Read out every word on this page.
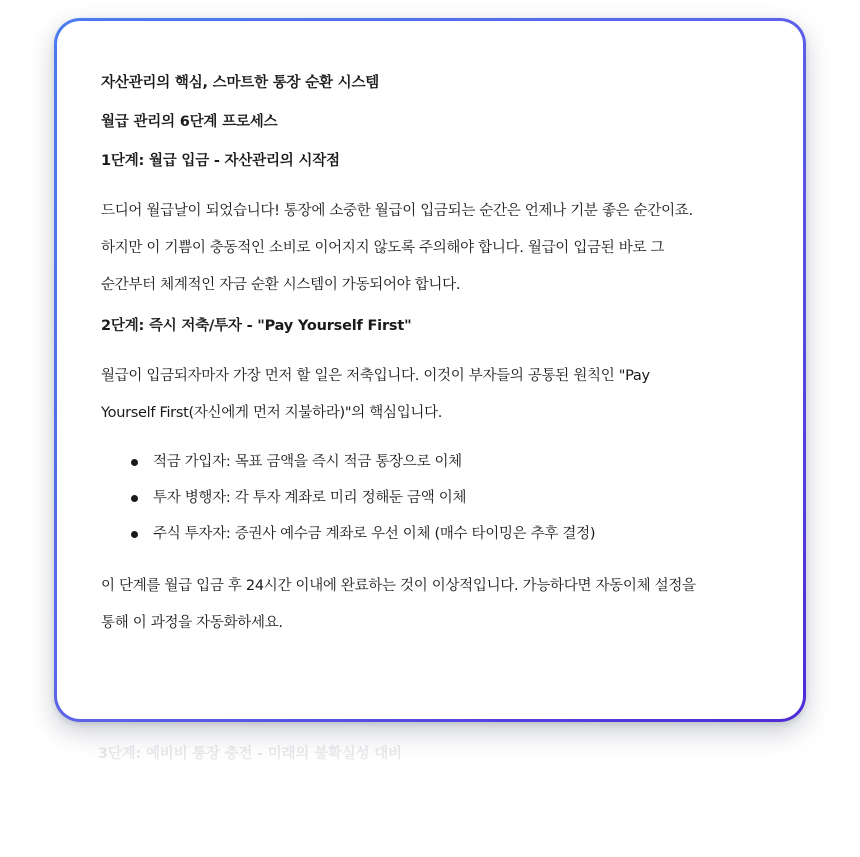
3단계: 예비비 통장 충전 - 미래의 불확실성 대비
자산관리의 핵심, 스마트한 통장 순환 시스템
월급 관리의 6단계 프로세스
1단계: 월급 입금 - 자산관리의 시작점
드디어 월급날이 되었습니다! 통장에 소중한 월급이 입금되는 순간은 언제나 기분 좋은 순간이죠.
하지만 이 기쁨이 충동적인 소비로 이어지지 않도록 주의해야 합니다. 월급이 입금된 바로 그
순간부터 체계적인 자금 순환 시스템이 가동되어야 합니다.
2단계: 즉시 저축/투자 - "Pay Yourself First"
월급이 입금되자마자 가장 먼저 할 일은 저축입니다. 이것이 부자들의 공통된 원칙인 "Pay
Yourself First(자신에게 먼저 지불하라)"의 핵심입니다.
적금 가입자: 목표 금액을 즉시 적금 통장으로 이체
투자 병행자: 각 투자 계좌로 미리 정해둔 금액 이체
주식 투자자: 증권사 예수금 계좌로 우선 이체 (매수 타이밍은 추후 결정)
이 단계를 월급 입금 후 24시간 이내에 완료하는 것이 이상적입니다. 가능하다면 자동이체 설정을
통해 이 과정을 자동화하세요.
